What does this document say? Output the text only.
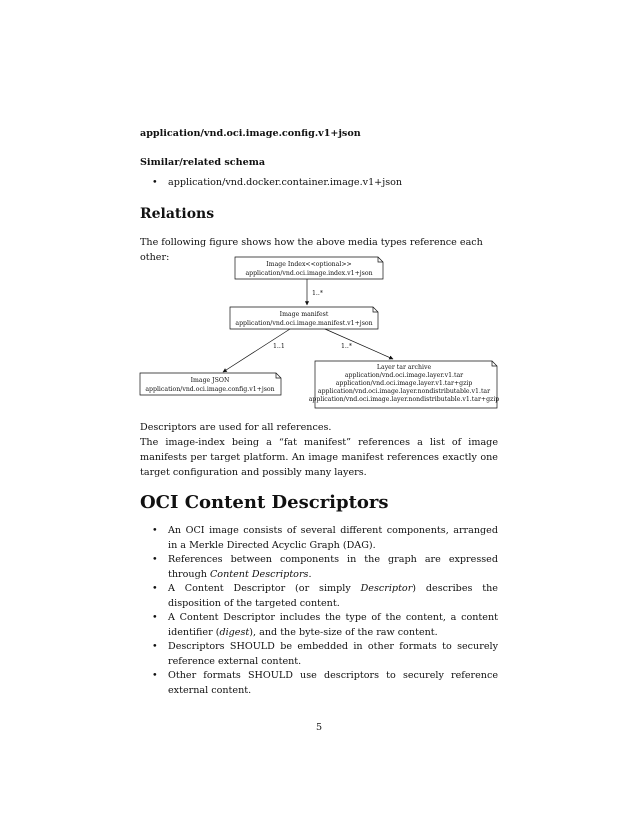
application/vnd.oci.image.config.v1+json
Similar/related schema
• application/vnd.docker.container.image.v1+json
Relations
The following figure shows how the above media types reference each other:
Image Index<<optional>>
application/vnd.oci.image.index.v1+json
1..*
Image manifest
application/vnd.oci.image.manifest.v1+json
1..1	1..*
Image JSON
application/vnd.oci.image.config.v1+json
Layer tar archive
application/vnd.oci.image.layer.v1.tar
application/vnd.oci.image.layer.v1.tar+gzip
application/vnd.oci.image.layer.nondistributable.v1.tar
application/vnd.oci.image.layer.nondistributable.v1.tar+gzip
Descriptors are used for all references.
The image-index being a “fat manifest” references a list of image manifests per target platform. An image manifest references exactly one target configuration and possibly many layers.
OCI Content Descriptors
• An OCI image consists of several different components, arranged in a Merkle Directed Acyclic Graph (DAG).
• References between components in the graph are expressed through Content Descriptors.
• A Content Descriptor (or simply Descriptor) describes the disposition of the targeted content.
• A Content Descriptor includes the type of the content, a content identifier (digest), and the byte-size of the raw content.
• Descriptors SHOULD be embedded in other formats to securely reference external content.
• Other formats SHOULD use descriptors to securely reference external content.
5
